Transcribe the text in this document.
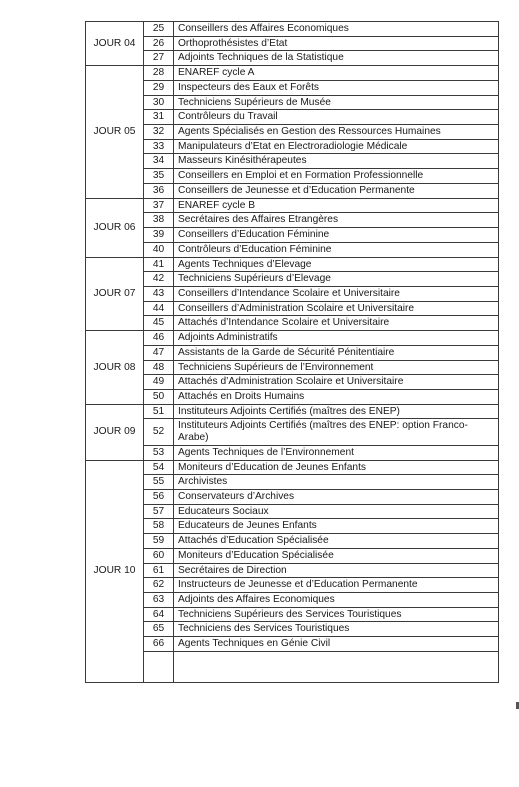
JOUR 04	25	Conseillers des Affaires Economiques
	26	Orthoprothésistes d’Etat
	27	Adjoints Techniques de la Statistique
JOUR 05	28	ENAREF cycle A
	29	Inspecteurs des Eaux et Forêts
	30	Techniciens Supérieurs de Musée
	31	Contrôleurs du Travail
	32	Agents Spécialisés en Gestion des Ressources Humaines
	33	Manipulateurs d’Etat en Electroradiologie Médicale
	34	Masseurs Kinésithérapeutes
	35	Conseillers en Emploi et en Formation Professionnelle
	36	Conseillers de Jeunesse et d’Education Permanente
JOUR 06	37	ENAREF cycle B
	38	Secrétaires des Affaires Etrangères
	39	Conseillers d’Education Féminine
	40	Contrôleurs d’Education Féminine
JOUR 07	41	Agents Techniques d’Elevage
	42	Techniciens Supérieurs d’Elevage
	43	Conseillers d’Intendance Scolaire et Universitaire
	44	Conseillers d’Administration Scolaire et Universitaire
	45	Attachés d’Intendance Scolaire et Universitaire
JOUR 08	46	Adjoints Administratifs
	47	Assistants de la Garde de Sécurité Pénitentiaire
	48	Techniciens Supérieurs de l’Environnement
	49	Attachés d’Administration Scolaire et Universitaire
	50	Attachés en Droits Humains
JOUR 09	51	Instituteurs Adjoints Certifiés (maîtres des ENEP)
	52	Instituteurs Adjoints Certifiés (maîtres des ENEP: option Franco-Arabe)
	53	Agents Techniques de l’Environnement
JOUR 10	54	Moniteurs d’Education de Jeunes Enfants
	55	Archivistes
	56	Conservateurs d’Archives
	57	Educateurs Sociaux
	58	Educateurs de Jeunes Enfants
	59	Attachés d’Education Spécialisée
	60	Moniteurs d’Education Spécialisée
	61	Secrétaires de Direction
	62	Instructeurs de Jeunesse et d’Education Permanente
	63	Adjoints des Affaires Economiques
	64	Techniciens Supérieurs des Services Touristiques
	65	Techniciens des Services Touristiques
	66	Agents Techniques en Génie Civil
